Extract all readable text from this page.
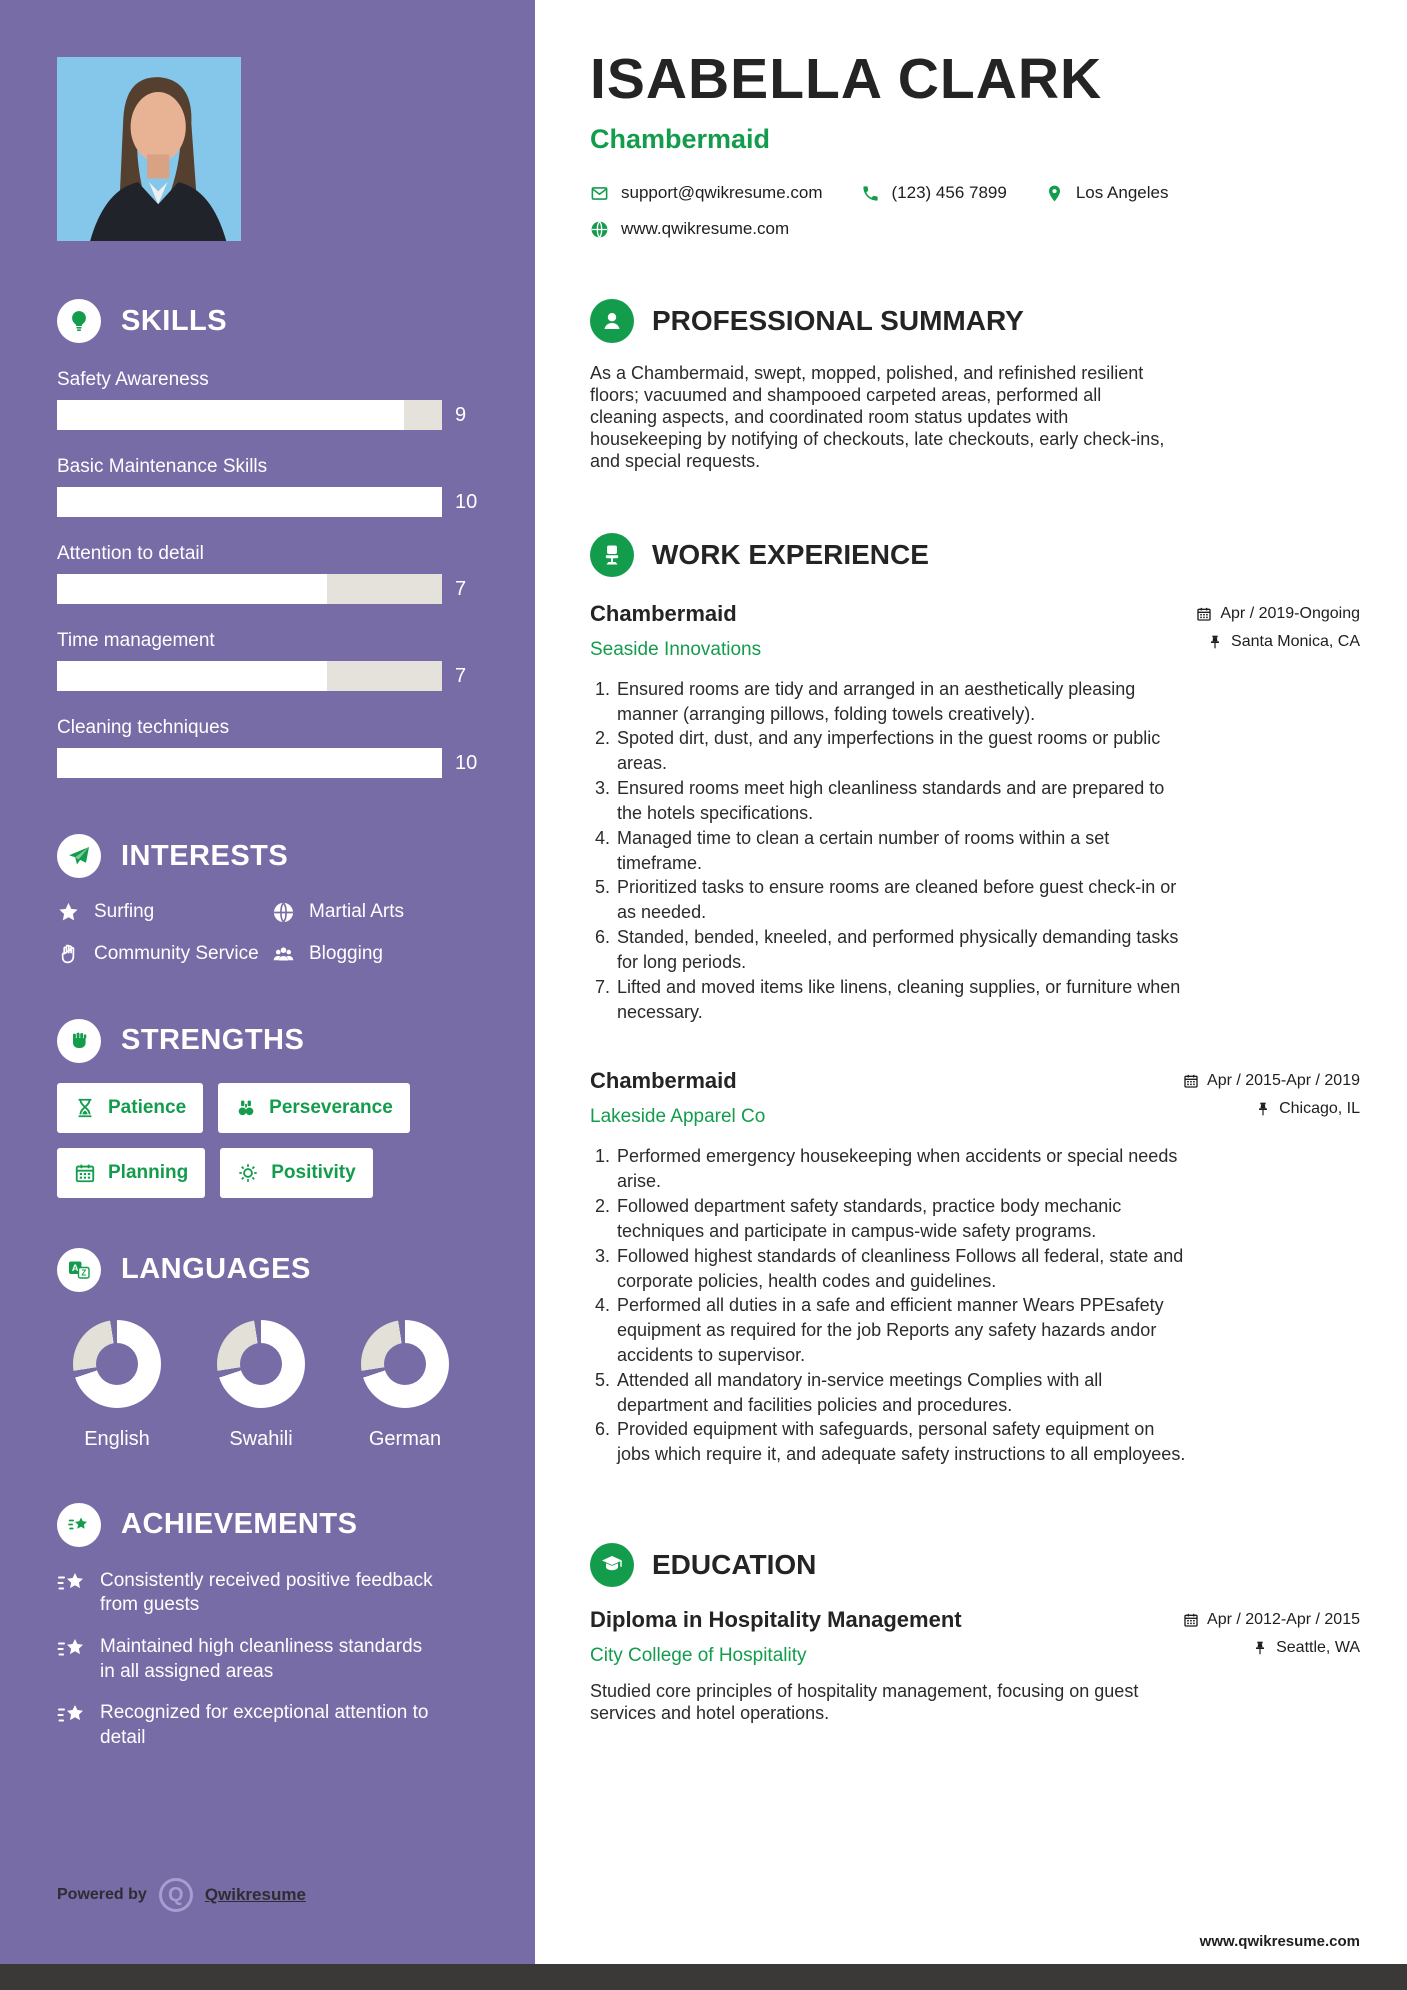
SKILLS
Safety Awareness
9
Basic Maintenance Skills
10
Attention to detail
7
Time management
7
Cleaning techniques
10
INTERESTS
Surfing	Martial Arts
Community Service	Blogging
STRENGTHS
Patience	Perseverance
Planning	Positivity
A Z LANGUAGES
English	Swahili	German
ACHIEVEMENTS
Consistently received positive feedback from guests
Maintained high cleanliness standards in all assigned areas
Recognized for exceptional attention to detail
Powered by	Q	Qwikresume
ISABELLA CLARK
Chambermaid
support@qwikresume.com	(123) 456 7899	Los Angeles
www.qwikresume.com
PROFESSIONAL SUMMARY

As a Chambermaid, swept, mopped, polished, and refinished resilient floors; vacuumed and shampooed carpeted areas, performed all cleaning aspects, and coordinated room status updates with housekeeping by notifying of checkouts, late checkouts, early check-ins, and special requests.

WORK EXPERIENCE
Chambermaid
Seaside Innovations
Apr / 2019-Ongoing
Santa Monica, CA
1. Ensured rooms are tidy and arranged in an aesthetically pleasing manner (arranging pillows, folding towels creatively).
2. Spoted dirt, dust, and any imperfections in the guest rooms or public areas.
3. Ensured rooms meet high cleanliness standards and are prepared to the hotels specifications.
4. Managed time to clean a certain number of rooms within a set timeframe.
5. Prioritized tasks to ensure rooms are cleaned before guest check-in or as needed.
6. Standed, bended, kneeled, and performed physically demanding tasks for long periods.
7. Lifted and moved items like linens, cleaning supplies, or furniture when necessary.
Chambermaid
Lakeside Apparel Co
Apr / 2015-Apr / 2019
Chicago, IL
1. Performed emergency housekeeping when accidents or special needs arise.
2. Followed department safety standards, practice body mechanic techniques and participate in campus-wide safety programs.
3. Followed highest standards of cleanliness Follows all federal, state and corporate policies, health codes and guidelines.
4. Performed all duties in a safe and efficient manner Wears PPEsafety equipment as required for the job Reports any safety hazards andor accidents to supervisor.
5. Attended all mandatory in-service meetings Complies with all department and facilities policies and procedures.
6. Provided equipment with safeguards, personal safety equipment on jobs which require it, and adequate safety instructions to all employees.
EDUCATION
Diploma in Hospitality Management
City College of Hospitality
Apr / 2012-Apr / 2015
Seattle, WA

Studied core principles of hospitality management, focusing on guest services and hotel operations.

www.qwikresume.com
